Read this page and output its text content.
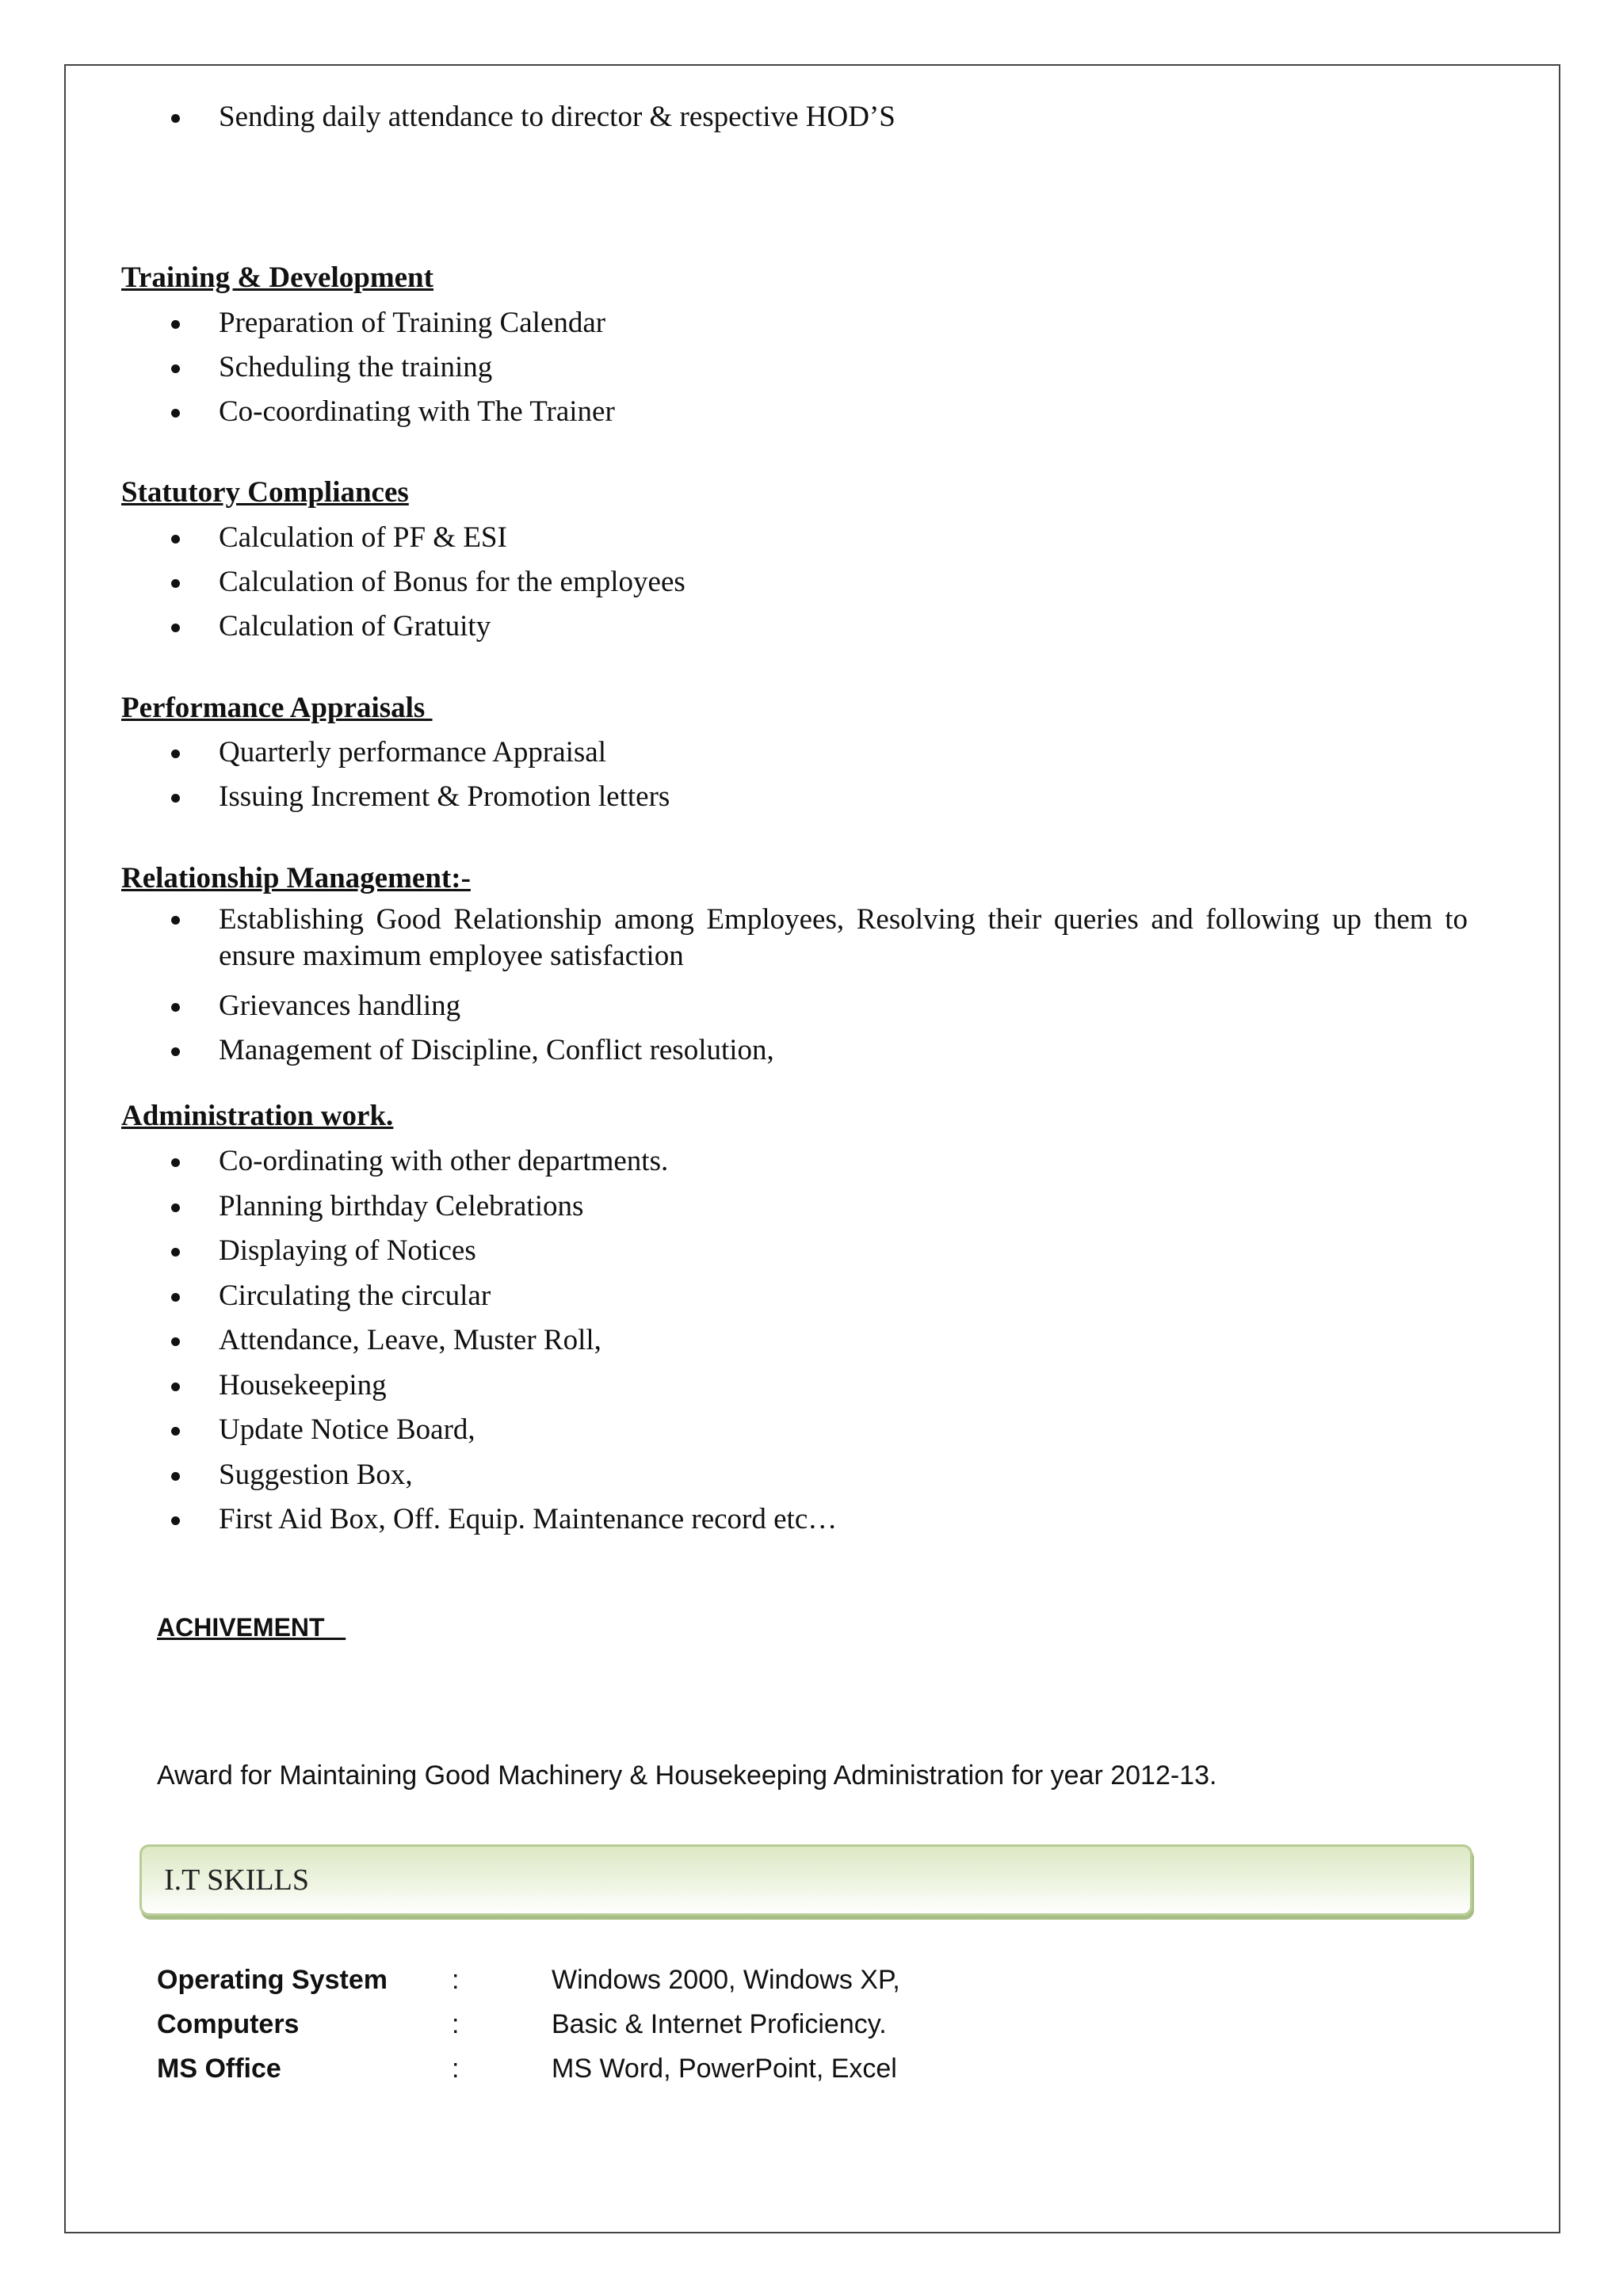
Sending daily attendance to director & respective HOD’S
Training & Development
Preparation of Training Calendar
Scheduling the training
Co-coordinating with The Trainer
Statutory Compliances
Calculation of PF & ESI
Calculation of Bonus for the employees
Calculation of Gratuity
Performance Appraisals
Quarterly performance Appraisal
Issuing Increment & Promotion letters
Relationship Management:-
Establishing Good Relationship among Employees, Resolving their queries and following up them to ensure maximum employee satisfaction
Grievances handling
Management of Discipline, Conflict resolution,
Administration work.
Co-ordinating with other departments.
Planning birthday Celebrations
Displaying of Notices
Circulating the circular
Attendance, Leave, Muster Roll,
Housekeeping
Update Notice Board,
Suggestion Box,
First Aid Box, Off. Equip. Maintenance record etc…
ACHIVEMENT
Award for Maintaining Good Machinery & Housekeeping Administration for year 2012-13.
I.T SKILLS
Operating System :	Windows 2000, Windows XP,
Computers	:	Basic & Internet Proficiency.
MS Office	:	MS Word, PowerPoint, Excel
